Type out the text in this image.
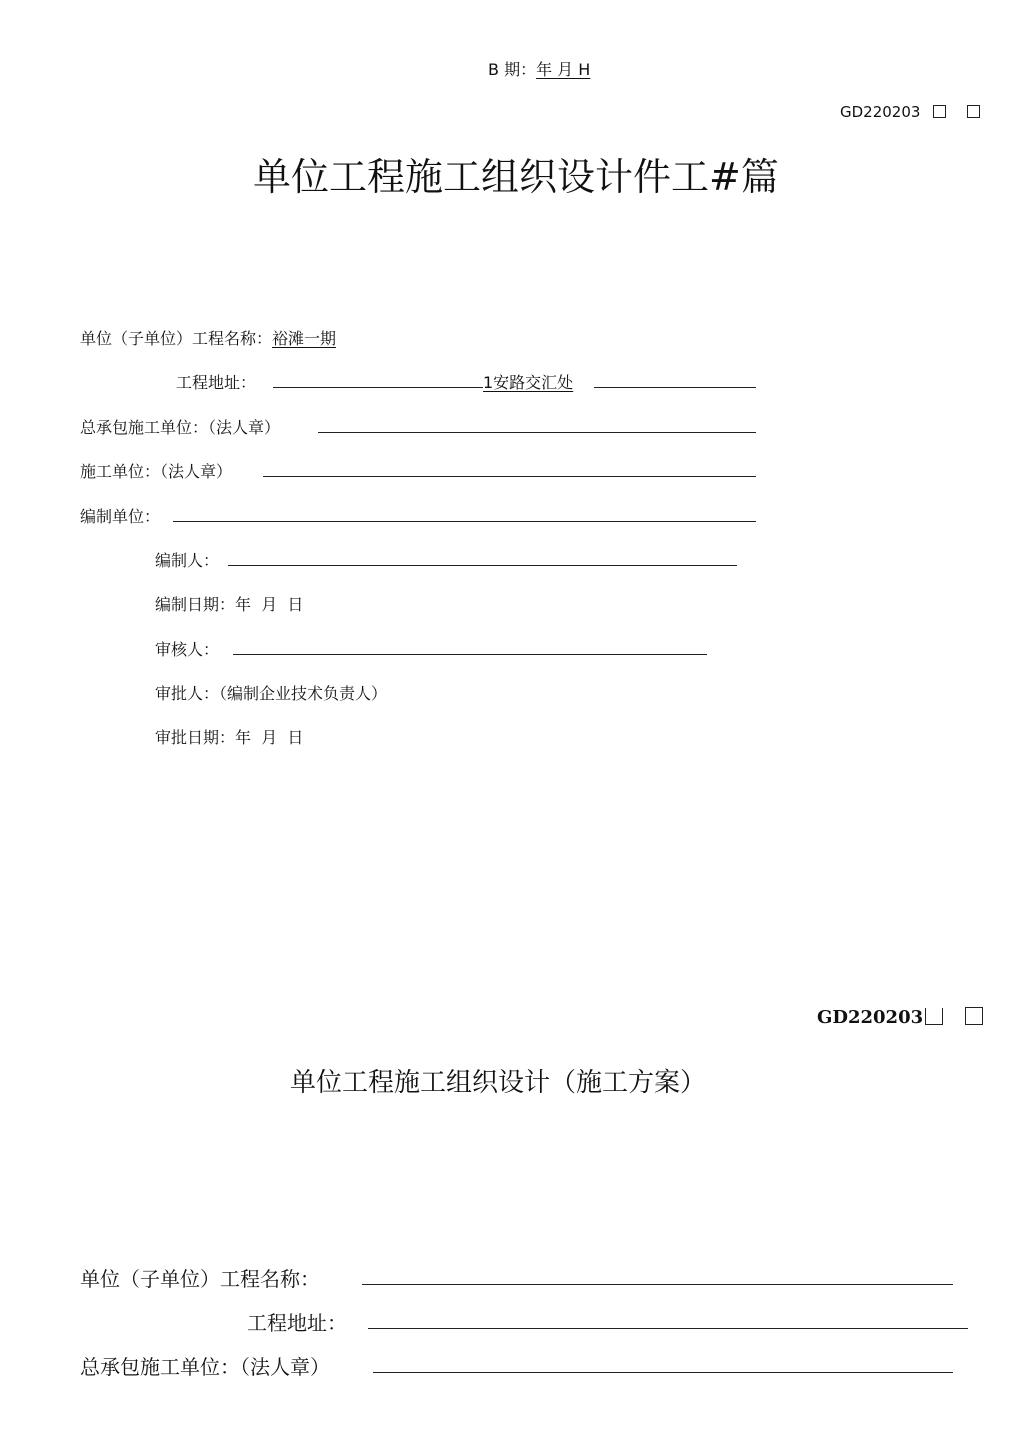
B 期：年 月 H
GD220203
单位工程施工组织设计件工#篇
单位（子单位）工程名称：裕滩一期
工程地址：	1安路交汇处
总承包施工单位：（法人章）
施工单位：（法人章）
编制单位：
编制人：
编制日期：年  月  日
审核人：
审批人：（编制企业技术负责人）
审批日期：年  月  日
GD220203
单位工程施工组织设计（施工方案）
单位（子单位）工程名称：
工程地址：
总承包施工单位：（法人章）
